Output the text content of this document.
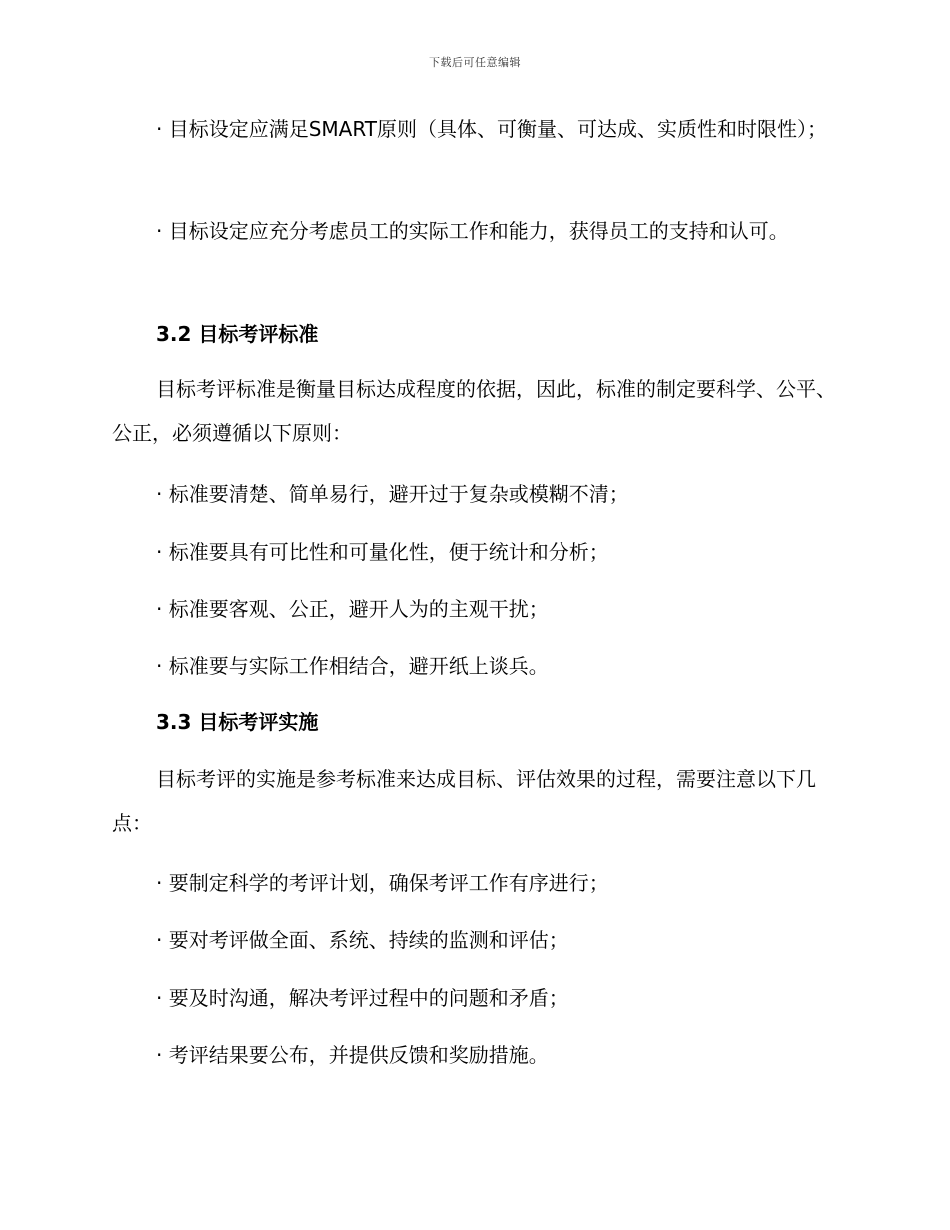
下载后可任意编辑

· 目标设定应满足SMART原则（具体、可衡量、可达成、实质性和时限性）；

· 目标设定应充分考虑员工的实际工作和能力，获得员工的支持和认可。

3.2 目标考评标准

目标考评标准是衡量目标达成程度的依据，因此，标准的制定要科学、公平、公正，必须遵循以下原则：

· 标准要清楚、简单易行，避开过于复杂或模糊不清；

· 标准要具有可比性和可量化性，便于统计和分析；

· 标准要客观、公正，避开人为的主观干扰；

· 标准要与实际工作相结合，避开纸上谈兵。

3.3 目标考评实施

目标考评的实施是参考标准来达成目标、评估效果的过程，需要注意以下几点：

· 要制定科学的考评计划，确保考评工作有序进行；

· 要对考评做全面、系统、持续的监测和评估；

· 要及时沟通，解决考评过程中的问题和矛盾；

· 考评结果要公布，并提供反馈和奖励措施。
